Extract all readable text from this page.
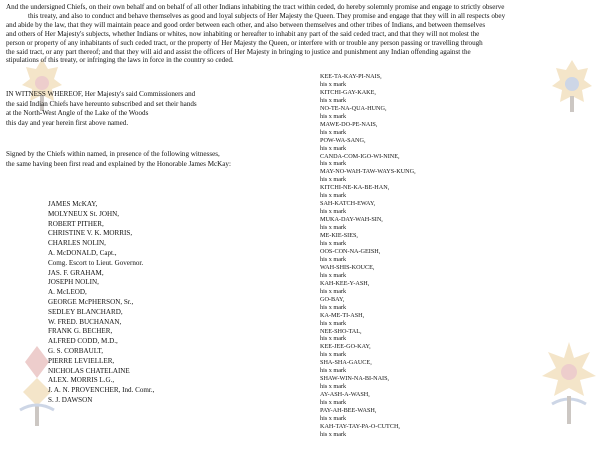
And the undersigned Chiefs, on their own behalf and on behalf of all other Indians inhabiting the tract within ceded, do hereby solemnly promise and engage to strictly observe
this treaty, and also to conduct and behave themselves as good and loyal subjects of Her Majesty the Queen. They promise and engage that they will in all respects obey
and abide by the law, that they will maintain peace and good order between each other, and also between themselves and other tribes of Indians, and between themselves
and others of Her Majesty's subjects, whether Indians or whites, now inhabiting or hereafter to inhabit any part of the said ceded tract, and that they will not molest the
person or property of any inhabitants of such ceded tract, or the property of Her Majesty the Queen, or interfere with or trouble any person passing or travelling through
the said tract, or any part thereof; and that they will aid and assist the officers of Her Majesty in bringing to justice and punishment any Indian offending against the
stipulations of this treaty, or infringing the laws in force in the country so ceded.
IN WITNESS WHEREOF, Her Majesty's said Commissioners and
the said Indian Chiefs have hereunto subscribed and set their hands
at the North-West Angle of the Lake of the Woods
this day and year herein first above named.
Signed by the Chiefs within named, in presence of the following witnesses,
the same having been first read and explained by the Honorable James McKay:
JAMES McKAY,
MOLYNEUX St. JOHN,
ROBERT PITHER,
CHRISTINE V. K. MORRIS,
CHARLES NOLIN,
A. McDONALD, Capt.,
Comg. Escort to Lieut. Governor.
JAS. F. GRAHAM,
JOSEPH NOLIN,
A. McLEOD,
GEORGE McPHERSON, Sr.,
SEDLEY BLANCHARD,
W. FRED. BUCHANAN,
FRANK G. BECHER,
ALFRED CODD, M.D.,
G. S. CORBAULT,
PIERRE LEVIELLER,
NICHOLAS CHATELAINE
ALEX. MORRIS L.G.,
J. A. N. PROVENCHER, Ind. Comr.,
S. J. DAWSON
KEE-TA-KAY-PI-NAIS,
his x mark
KITCHI-GAY-KAKE,
his x mark
NO-TE-NA-QUA-HUNG,
his x mark
MAWE-DO-PE-NAIS,
his x mark
POW-WA-SANG,
his x mark
CANDA-COM-IGO-WI-NINE,
his x mark
MAY-NO-WAH-TAW-WAYS-KUNG,
his x mark
KITCHI-NE-KA-BE-HAN,
his x mark
SAH-KATCH-EWAY,
his x mark
MUKA-DAY-WAH-SIN,
his x mark
ME-KIE-SIES,
his x mark
OOS-CON-NA-GEISH,
his x mark
WAH-SHIS-KOUCE,
his x mark
KAH-KEE-Y-ASH,
his x mark
GO-BAY,
his x mark
KA-ME-TI-ASH,
his x mark
NEE-SHO-TAL,
his x mark
KEE-JEE-GO-KAY,
his x mark
SHA-SHA-GAUCE,
his x mark
SHAW-WIN-NA-BI-NAIS,
his x mark
AY-ASH-A-WASH,
his x mark
PAY-AH-BEE-WASH,
his x mark
KAH-TAY-TAY-PA-O-CUTCH,
his x mark
